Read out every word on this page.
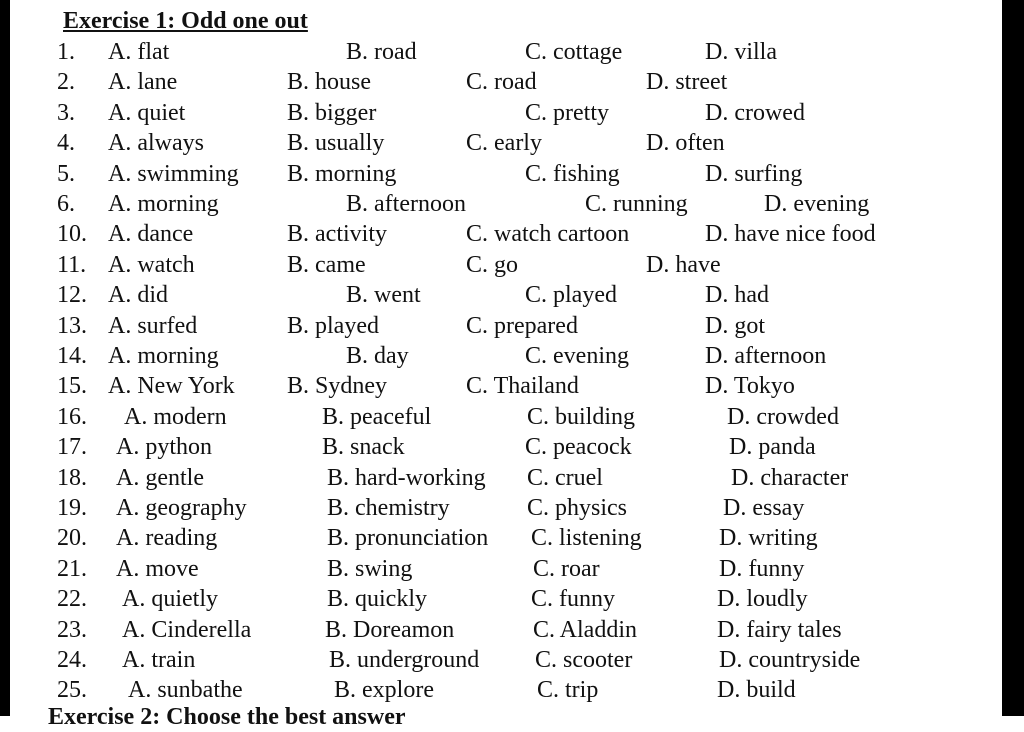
Exercise 1: Odd one out
1. A. flat	B. road	C. cottage	D. villa
2. A. lane	B. house	C. road	D. street
3. A. quiet	B. bigger	C. pretty	D. crowed
4. A. always	B. usually	C. early	D. often
5. A. swimming B. morning	C. fishing	D. surfing
6. A. morning	B. afternoon	C. running	D. evening
10. A. dance	B. activity	C. watch cartoon	D. have nice food
11. A. watch	B. came	C. go	D. have
12. A. did	B. went	C. played	D. had
13. A. surfed	B. played	C. prepared	D. got
14. A. morning	B. day	C. evening	D. afternoon
15. A. New York B. Sydney	C. Thailand	D. Tokyo
16. A. modern	B. peaceful	C. building	D. crowded
17. A. python	B. snack	C. peacock	D. panda
18. A. gentle	B. hard-working C. cruel	D. character
19. A. geography	B. chemistry	C. physics	D. essay
20. A. reading	B. pronunciation C. listening	D. writing
21. A. move	B. swing	C. roar	D. funny
22. A. quietly	B. quickly	C. funny	D. loudly
23. A. Cinderella	B. Doreamon	C. Aladdin	D. fairy tales
24. A. train	B. underground C. scooter	D. countryside
25. A. sunbathe	B. explore	C. trip	D. build
Exercise 2: Choose the best answer
